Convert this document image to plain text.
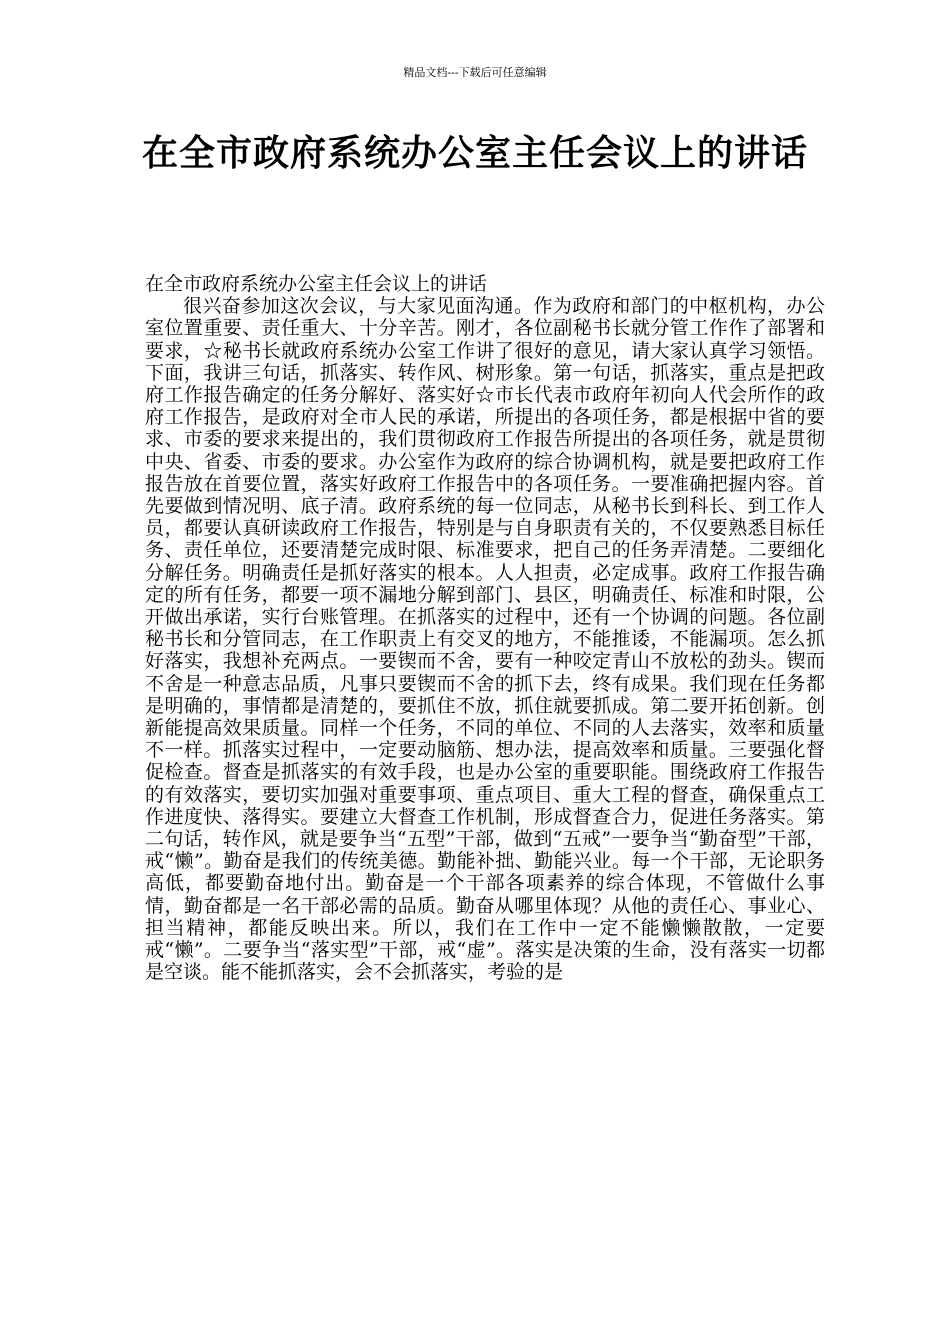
精品文档---下载后可任意编辑
在全市政府系统办公室主任会议上的讲话

在全市政府系统办公室主任会议上的讲话

很兴奋参加这次会议，与大家见面沟通。作为政府和部门的中枢机构，办公室位置重要、责任重大、十分辛苦。刚才，各位副秘书长就分管工作作了部署和要求，☆秘书长就政府系统办公室工作讲了很好的意见，请大家认真学习领悟。下面，我讲三句话，抓落实、转作风、树形象。第一句话，抓落实，重点是把政府工作报告确定的任务分解好、落实好☆市长代表市政府年初向人代会所作的政府工作报告，是政府对全市人民的承诺，所提出的各项任务，都是根据中省的要求、市委的要求来提出的，我们贯彻政府工作报告所提出的各项任务，就是贯彻中央、省委、市委的要求。办公室作为政府的综合协调机构，就是要把政府工作报告放在首要位置，落实好政府工作报告中的各项任务。一要准确把握内容。首先要做到情况明、底子清。政府系统的每一位同志，从秘书长到科长、到工作人员，都要认真研读政府工作报告，特别是与自身职责有关的，不仅要熟悉目标任务、责任单位，还要清楚完成时限、标准要求，把自己的任务弄清楚。二要细化分解任务。明确责任是抓好落实的根本。人人担责，必定成事。政府工作报告确定的所有任务，都要一项不漏地分解到部门、县区，明确责任、标准和时限，公开做出承诺，实行台账管理。在抓落实的过程中，还有一个协调的问题。各位副秘书长和分管同志，在工作职责上有交叉的地方，不能推诿，不能漏项。怎么抓好落实，我想补充两点。一要锲而不舍，要有一种咬定青山不放松的劲头。锲而不舍是一种意志品质，凡事只要锲而不舍的抓下去，终有成果。我们现在任务都是明确的，事情都是清楚的，要抓住不放，抓住就要抓成。第二要开拓创新。创新能提高效果质量。同样一个任务，不同的单位、不同的人去落实，效率和质量不一样。抓落实过程中，一定要动脑筋、想办法，提高效率和质量。三要强化督促检查。督查是抓落实的有效手段，也是办公室的重要职能。围绕政府工作报告的有效落实，要切实加强对重要事项、重点项目、重大工程的督查，确保重点工作进度快、落得实。要建立大督查工作机制，形成督查合力，促进任务落实。第二句话，转作风，就是要争当“五型”干部，做到“五戒”一要争当“勤奋型”干部，戒“懒”。勤奋是我们的传统美德。勤能补拙、勤能兴业。每一个干部，无论职务高低，都要勤奋地付出。勤奋是一个干部各项素养的综合体现，不管做什么事情，勤奋都是一名干部必需的品质。勤奋从哪里体现？从他的责任心、事业心、担当精神，都能反映出来。所以，我们在工作中一定不能懒懒散散，一定要戒“懒”。二要争当“落实型”干部，戒“虚”。落实是决策的生命，没有落实一切都是空谈。能不能抓落实，会不会抓落实，考验的是
